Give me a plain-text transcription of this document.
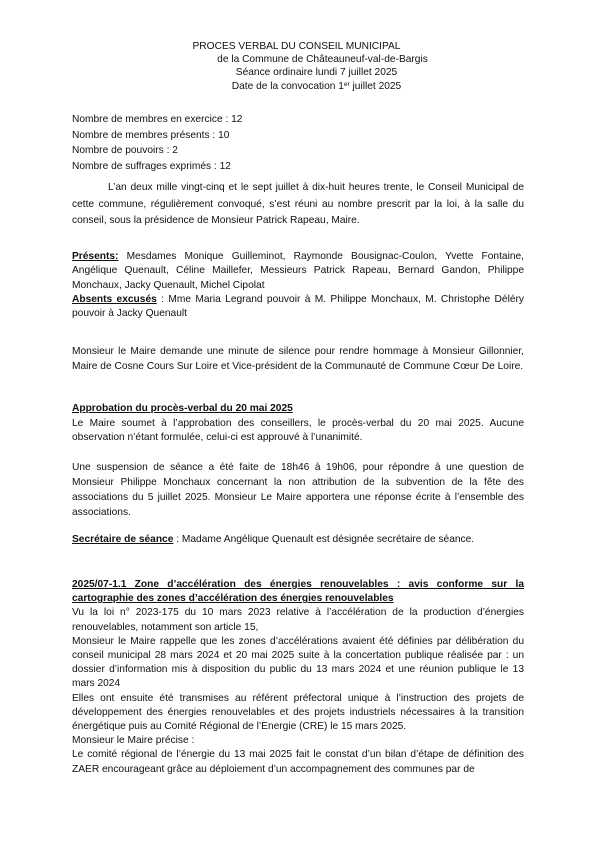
PROCES VERBAL DU CONSEIL MUNICIPAL
de la Commune de Châteauneuf-val-de-Bargis
Séance ordinaire lundi 7 juillet 2025
Date de la convocation 1er juillet 2025
Nombre de membres en exercice : 12
Nombre de membres présents : 10
Nombre de pouvoirs : 2
Nombre de suffrages exprimés : 12
L’an deux mille vingt-cinq et le sept juillet à dix-huit heures trente, le Conseil Municipal de cette commune, régulièrement convoqué, s’est réuni au nombre prescrit par la loi, à la salle du conseil, sous la présidence de Monsieur Patrick Rapeau, Maire.
Présents: Mesdames Monique Guilleminot, Raymonde Bousignac-Coulon, Yvette Fontaine, Angélique Quenault, Céline Maillefer, Messieurs Patrick Rapeau, Bernard Gandon, Philippe Monchaux, Jacky Quenault, Michel Cipolat
Absents excusés : Mme Maria Legrand pouvoir à M. Philippe Monchaux, M. Christophe Déléry pouvoir à Jacky Quenault
Monsieur le Maire demande une minute de silence pour rendre hommage à Monsieur Gillonnier, Maire de Cosne Cours Sur Loire et Vice-président de la Communauté de Commune Cœur De Loire.
Approbation du procès-verbal du 20 mai 2025
Le Maire soumet à l’approbation des conseillers, le procès-verbal du 20 mai 2025. Aucune observation n’étant formulée, celui-ci est approuvé à l’unanimité.
Une suspension de séance a été faite de 18h46 à 19h06, pour répondre à une question de Monsieur Philippe Monchaux concernant la non attribution de la subvention de la fête des associations du 5 juillet 2025. Monsieur Le Maire apportera une réponse écrite à l’ensemble des associations.
Secrétaire de séance : Madame Angélique Quenault est désignée secrétaire de séance.
2025/07-1.1 Zone d’accélération des énergies renouvelables : avis conforme sur la cartographie des zones d’accélération des énergies renouvelables
Vu la loi n° 2023-175 du 10 mars 2023 relative à l’accélération de la production d’énergies renouvelables, notamment son article 15,
Monsieur le Maire rappelle que les zones d’accélérations avaient été définies par délibération du conseil municipal 28 mars 2024 et 20 mai 2025 suite à la concertation publique réalisée par : un dossier d’information mis à disposition du public du 13 mars 2024 et une réunion publique le 13 mars 2024
Elles ont ensuite été transmises au référent préfectoral unique à l’instruction des projets de développement des énergies renouvelables et des projets industriels nécessaires à la transition énergétique puis au Comité Régional de l’Energie (CRE) le 15 mars 2025.
Monsieur le Maire précise :
Le comité régional de l’énergie du 13 mai 2025 fait le constat d’un bilan d’étape de définition des ZAER encourageant grâce au déploiement d’un accompagnement des communes par de
